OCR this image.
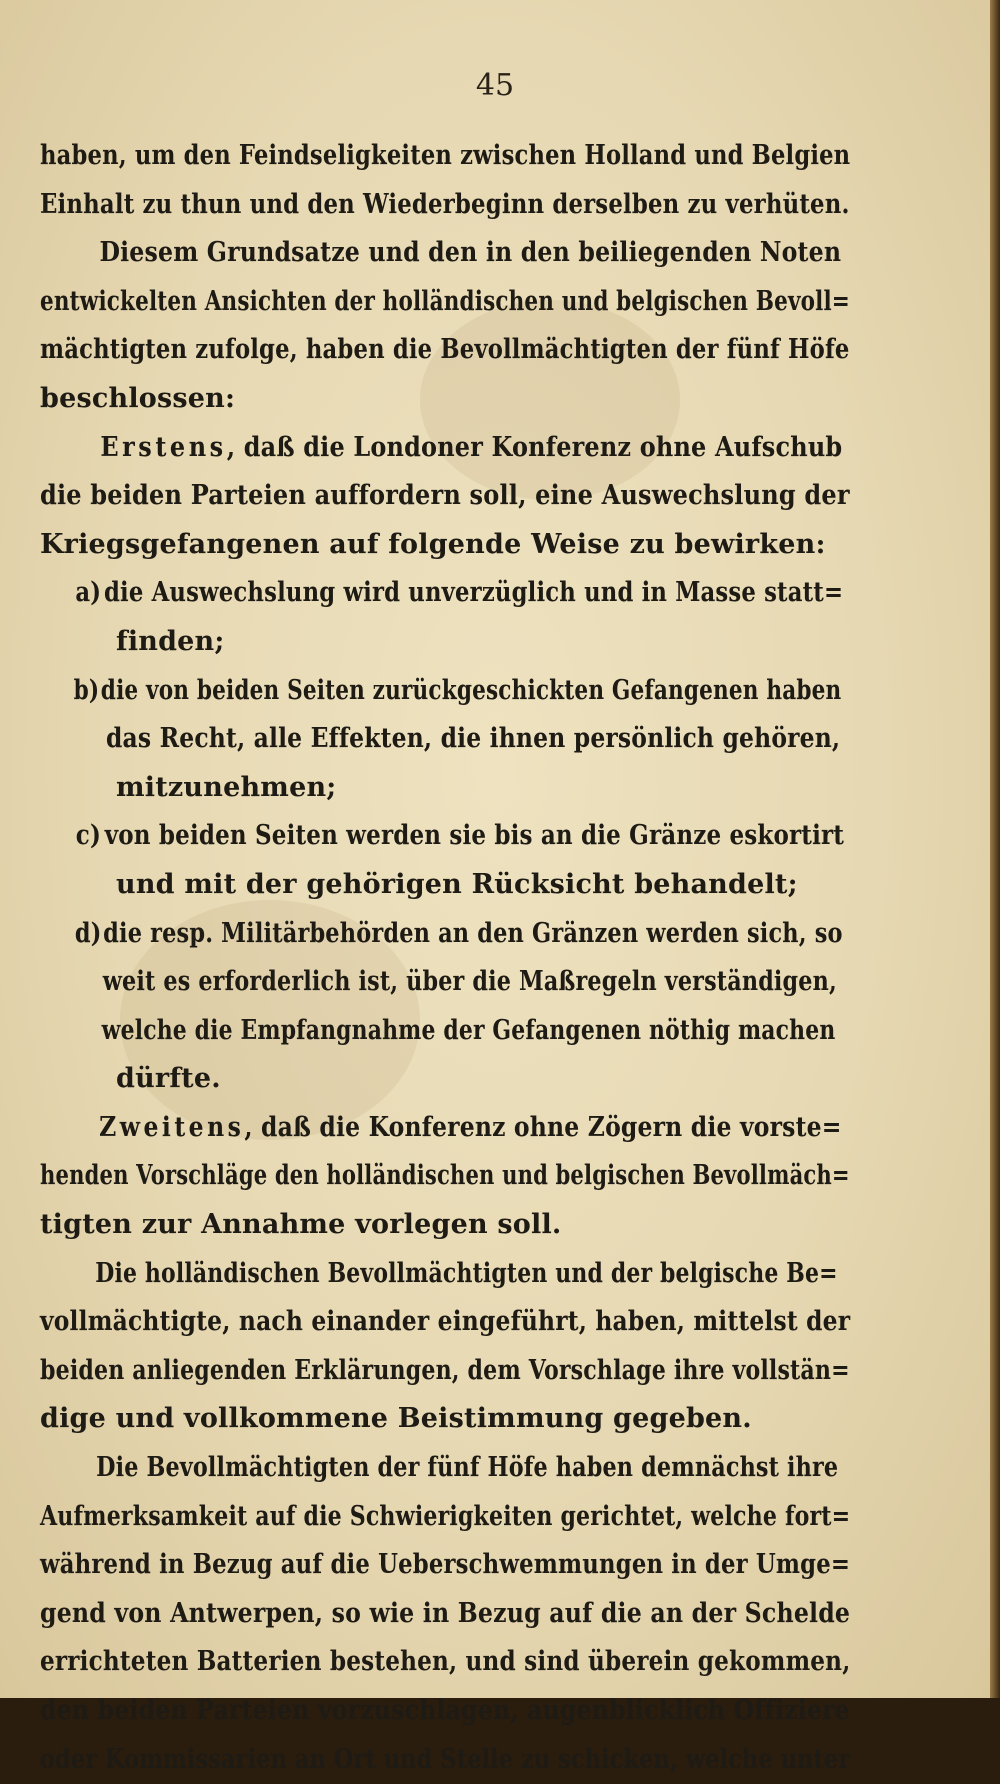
45
haben, um den Feindseligkeiten zwischen Holland und Belgien
Einhalt zu thun und den Wiederbeginn derselben zu verhüten.
Diesem Grundsatze und den in den beiliegenden Noten
entwickelten Ansichten der holländischen und belgischen Bevoll=
mächtigten zufolge, haben die Bevollmächtigten der fünf Höfe
beschlossen:
Erstens, daß die Londoner Konferenz ohne Aufschub
die beiden Parteien auffordern soll, eine Auswechslung der
Kriegsgefangenen auf folgende Weise zu bewirken:
a) die Auswechslung wird unverzüglich und in Masse statt=
finden;
b)die von beiden Seiten zurückgeschickten Gefangenen haben
das Recht, alle Effekten, die ihnen persönlich gehören,
mitzunehmen;
c) von beiden Seiten werden sie bis an die Gränze eskortirt
und mit der gehörigen Rücksicht behandelt;
d)die resp. Militärbehörden an den Gränzen werden sich, so
weit es erforderlich ist, über die Maßregeln verständigen,
welche die Empfangnahme der Gefangenen nöthig machen
dürfte.
Zweitens, daß die Konferenz ohne Zögern die vorste=
henden Vorschläge den holländischen und belgischen Bevollmäch=
tigten zur Annahme vorlegen soll.
Die holländischen Bevollmächtigten und der belgische Be=
vollmächtigte, nach einander eingeführt, haben, mittelst der
beiden anliegenden Erklärungen, dem Vorschlage ihre vollstän=
dige und vollkommene Beistimmung gegeben.
Die Bevollmächtigten der fünf Höfe haben demnächst ihre
Aufmerksamkeit auf die Schwierigkeiten gerichtet, welche fort=
während in Bezug auf die Ueberschwemmungen in der Umge=
gend von Antwerpen, so wie in Bezug auf die an der Schelde
errichteten Batterien bestehen, und sind überein gekommen,
den beiden Parteien vorzuschlagen, augenblicklich Offiziere
oder Kommissarien an Ort und Stelle zu schicken, welche unter
